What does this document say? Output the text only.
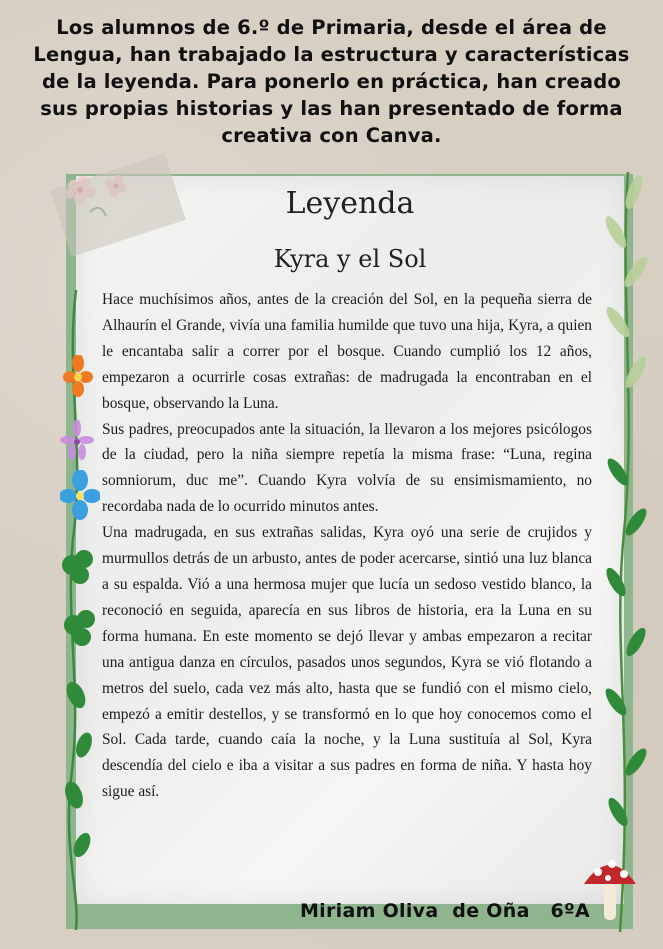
Los alumnos de 6.º de Primaria, desde el área de Lengua, han trabajado la estructura y características de la leyenda. Para ponerlo en práctica, han creado sus propias historias y las han presentado de forma creativa con Canva.
Leyenda
Kyra y el Sol

Hace muchísimos años, antes de la creación del Sol, en la pequeña sierra de Alhaurín el Grande, vivía una familia humilde que tuvo una hija, Kyra, a quien le encantaba salir a correr por el bosque. Cuando cumplió los 12 años, empezaron a ocurrirle cosas extrañas: de madrugada la encontraban en el bosque, observando la Luna.

Sus padres, preocupados ante la situación, la llevaron a los mejores psicólogos de la ciudad, pero la niña siempre repetía la misma frase: “Luna, regina somniorum, duc me”. Cuando Kyra volvía de su ensimismamiento, no recordaba nada de lo ocurrido minutos antes.

Una madrugada, en sus extrañas salidas, Kyra oyó una serie de crujidos y murmullos detrás de un arbusto, antes de poder acercarse, sintió una luz blanca a su espalda. Vió a una hermosa mujer que lucía un sedoso vestido blanco, la reconoció en seguida, aparecía en sus libros de historia, era la Luna en su forma humana. En este momento se dejó llevar y ambas empezaron a recitar una antigua danza en círculos, pasados unos segundos, Kyra se vió flotando a metros del suelo, cada vez más alto, hasta que se fundió con el mismo cielo, empezó a emitir destellos, y se transformó en lo que hoy conocemos como el Sol. Cada tarde, cuando caía la noche, y la Luna sustituía al Sol, Kyra descendía del cielo e iba a visitar a sus padres en forma de niña. Y hasta hoy sigue así.

Miriam Oliva  de Oña   6ºA
